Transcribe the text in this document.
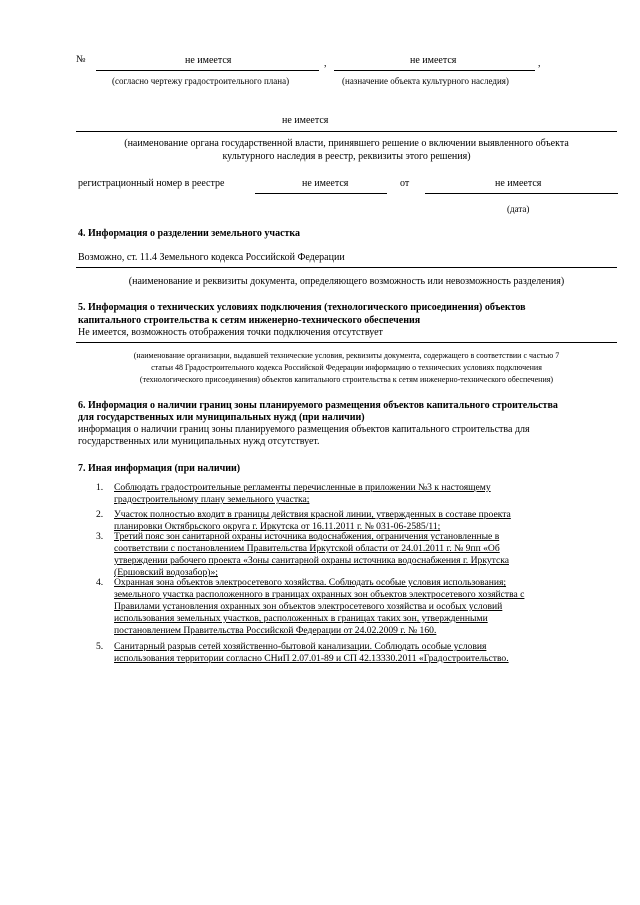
№	не имеется	,	не имеется	,
(согласно чертежу градостроительного плана)	(назначение объекта культурного наследия)
не имеется
(наименование органа государственной власти, принявшего решение о включении выявленного объекта
культурного наследия в реестр, реквизиты этого решения)
регистрационный номер в реестре	не имеется	от	не имеется
(дата)
4. Информация о разделении земельного участка
Возможно, ст. 11.4 Земельного кодекса Российской Федерации
(наименование и реквизиты документа, определяющего возможность или невозможность разделения)
5. Информация о технических условиях подключения (технологического присоединения) объектов
капитального строительства к сетям инженерно-технического обеспечения
Не имеется, возможность отображения точки подключения отсутствует
(наименование организации, выдавшей технические условия, реквизиты документа, содержащего в соответствии с частью 7
статьи 48 Градостроительного кодекса Российской Федерации информацию о технических условиях подключения
(технологического присоединения) объектов капитального строительства к сетям инженерно-технического обеспечения)
6. Информация о наличии границ зоны планируемого размещения объектов капитального строительства
для государственных или муниципальных нужд (при наличии)
информация о наличии границ зоны планируемого размещения объектов капитального строительства для
государственных или муниципальных нужд отсутствует.
7. Иная информация (при наличии)
1. Соблюдать градостроительные регламенты перечисленные в приложении №3 к настоящему
градостроительному плану земельного участка;
2. Участок полностью входит в границы действия красной линии, утвержденных в составе проекта
планировки Октябрьского округа г. Иркутска от 16.11.2011 г. № 031-06-2585/11;
3. Третий пояс зон санитарной охраны источника водоснабжения, ограничения установленные в
соответствии с постановлением Правительства Иркутской области от 24.01.2011 г. № 9пп «Об
утверждении рабочего проекта «Зоны санитарной охраны источника водоснабжения г. Иркутска
(Ершовский водозабор)»;
4. Охранная зона объектов электросетевого хозяйства. Соблюдать особые условия использования;
земельного участка расположенного в границах охранных зон объектов электросетевого хозяйства с
Правилами установления охранных зон объектов электросетевого хозяйства и особых условий
использования земельных участков, расположенных в границах таких зон, утвержденными
постановлением Правительства Российской Федерации от 24.02.2009 г. № 160.
5. Санитарный разрыв сетей хозяйственно-бытовой канализации. Соблюдать особые условия
использования территории согласно СНиП 2.07.01-89 и СП 42.13330.2011 «Градостроительство.
